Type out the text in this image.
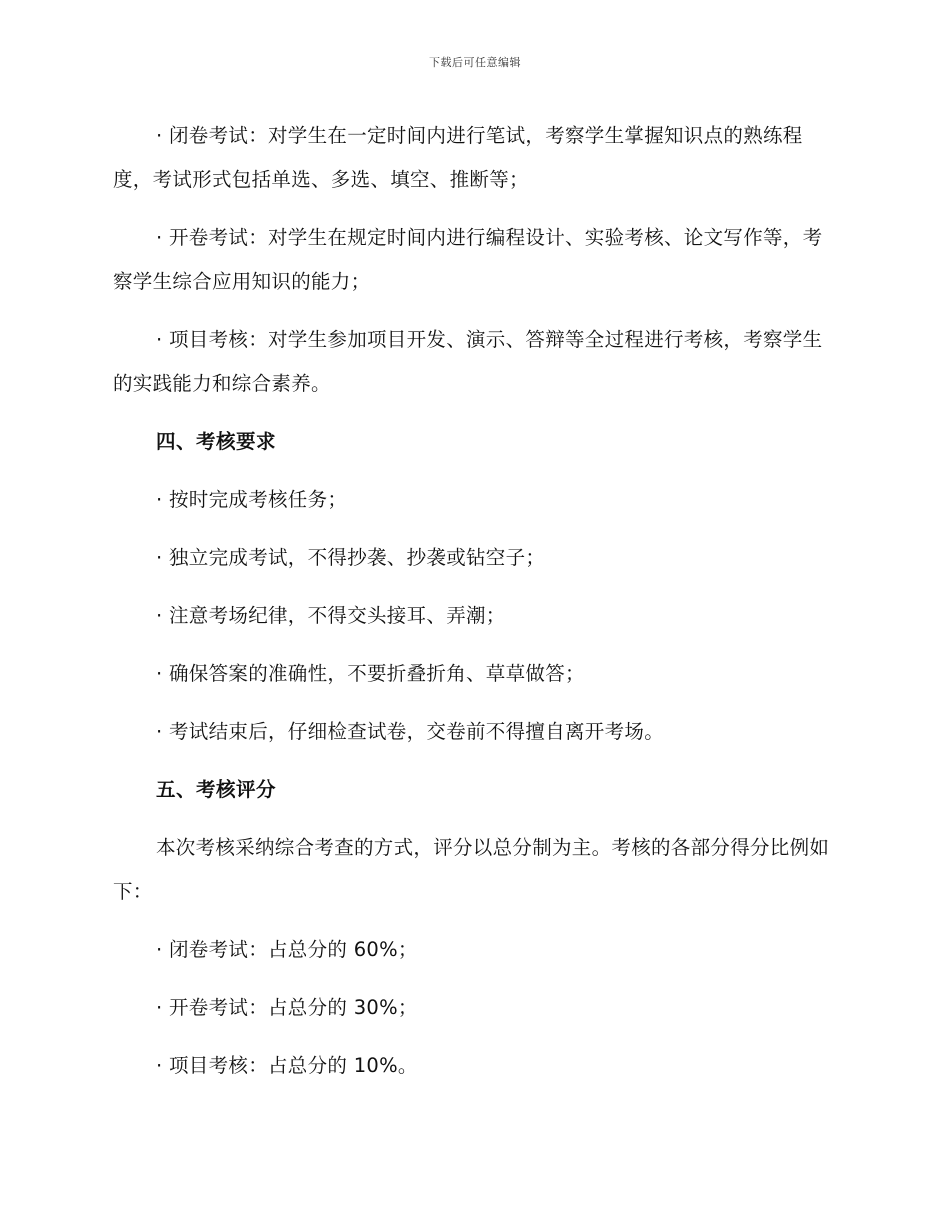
下载后可任意编辑

· 闭卷考试：对学生在一定时间内进行笔试，考察学生掌握知识点的熟练程度，考试形式包括单选、多选、填空、推断等；

· 开卷考试：对学生在规定时间内进行编程设计、实验考核、论文写作等，考察学生综合应用知识的能力；

· 项目考核：对学生参加项目开发、演示、答辩等全过程进行考核，考察学生的实践能力和综合素养。

四、考核要求
· 按时完成考核任务；
· 独立完成考试，不得抄袭、抄袭或钻空子；
· 注意考场纪律，不得交头接耳、弄潮；
· 确保答案的准确性，不要折叠折角、草草做答；
· 考试结束后，仔细检查试卷，交卷前不得擅自离开考场。
五、考核评分

本次考核采纳综合考查的方式，评分以总分制为主。考核的各部分得分比例如下：

· 闭卷考试：占总分的 60%；
· 开卷考试：占总分的 30%；
· 项目考核：占总分的 10%。
